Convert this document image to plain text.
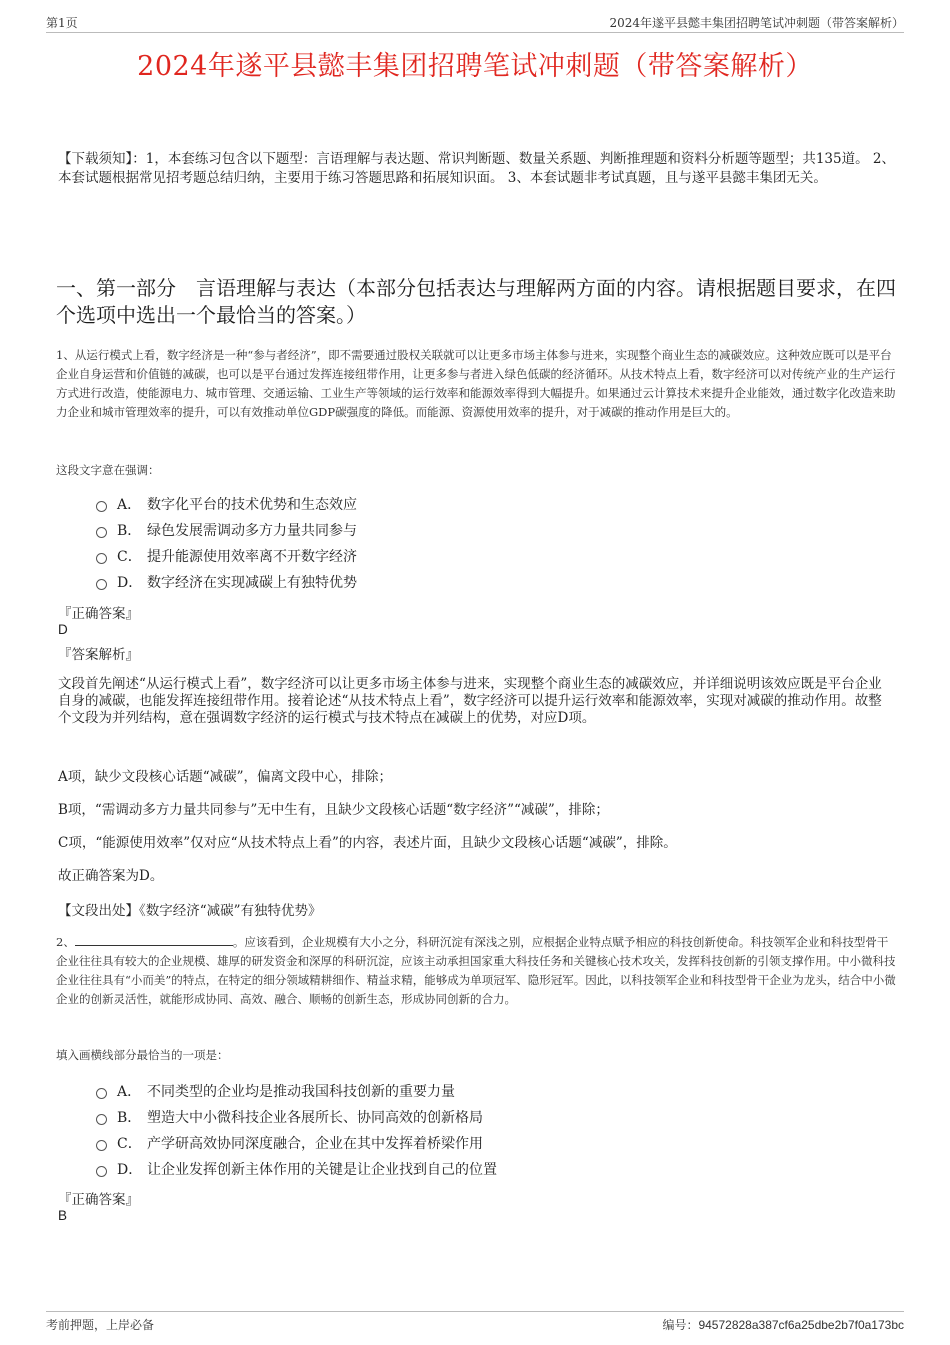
第1页	2024年遂平县懿丰集团招聘笔试冲刺题（带答案解析）
2024年遂平县懿丰集团招聘笔试冲刺题（带答案解析）
【下载须知】：1，本套练习包含以下题型：言语理解与表达题、常识判断题、数量关系题、判断推理题和资料分析题等题型；共135道。 2、本套试题根据常见招考题总结归纳，主要用于练习答题思路和拓展知识面。 3、本套试题非考试真题，且与遂平县懿丰集团无关。
一、第一部分　言语理解与表达（本部分包括表达与理解两方面的内容。请根据题目要求，在四个选项中选出一个最恰当的答案。）
1、从运行模式上看，数字经济是一种“参与者经济”，即不需要通过股权关联就可以让更多市场主体参与进来，实现整个商业生态的减碳效应。这种效应既可以是平台企业自身运营和价值链的减碳，也可以是平台通过发挥连接纽带作用，让更多参与者进入绿色低碳的经济循环。从技术特点上看，数字经济可以对传统产业的生产运行方式进行改造，使能源电力、城市管理、交通运输、工业生产等领域的运行效率和能源效率得到大幅提升。如果通过云计算技术来提升企业能效，通过数字化改造来助力企业和城市管理效率的提升，可以有效推动单位GDP碳强度的降低。而能源、资源使用效率的提升，对于减碳的推动作用是巨大的。
这段文字意在强调：
A． 数字化平台的技术优势和生态效应
B． 绿色发展需调动多方力量共同参与
C． 提升能源使用效率离不开数字经济
D． 数字经济在实现减碳上有独特优势
『正确答案』
D
『答案解析』
文段首先阐述“从运行模式上看”，数字经济可以让更多市场主体参与进来，实现整个商业生态的减碳效应，并详细说明该效应既是平台企业自身的减碳，也能发挥连接纽带作用。接着论述“从技术特点上看”，数字经济可以提升运行效率和能源效率，实现对减碳的推动作用。故整个文段为并列结构，意在强调数字经济的运行模式与技术特点在减碳上的优势，对应D项。
A项，缺少文段核心话题“减碳”，偏离文段中心，排除；
B项，“需调动多方力量共同参与”无中生有，且缺少文段核心话题“数字经济”“减碳”，排除；
C项，“能源使用效率”仅对应“从技术特点上看”的内容，表述片面，且缺少文段核心话题“减碳”，排除。
故正确答案为D。
【文段出处】《数字经济“减碳”有独特优势》
2、	。应该看到，企业规模有大小之分，科研沉淀有深浅之别，应根据企业特点赋予相应的科技创新使命。科技领军企业和科技型骨干企业往往具有较大的企业规模、雄厚的研发资金和深厚的科研沉淀，应该主动承担国家重大科技任务和关键核心技术攻关，发挥科技创新的引领支撑作用。中小微科技企业往往具有“小而美”的特点，在特定的细分领域精耕细作、精益求精，能够成为单项冠军、隐形冠军。因此，以科技领军企业和科技型骨干企业为龙头，结合中小微企业的创新灵活性，就能形成协同、高效、融合、顺畅的创新生态，形成协同创新的合力。
填入画横线部分最恰当的一项是：
A． 不同类型的企业均是推动我国科技创新的重要力量
B． 塑造大中小微科技企业各展所长、协同高效的创新格局
C． 产学研高效协同深度融合，企业在其中发挥着桥梁作用
D． 让企业发挥创新主体作用的关键是让企业找到自己的位置
『正确答案』
B
考前押题，上岸必备	编号：94572828a387cf6a25dbe2b7f0a173bc
